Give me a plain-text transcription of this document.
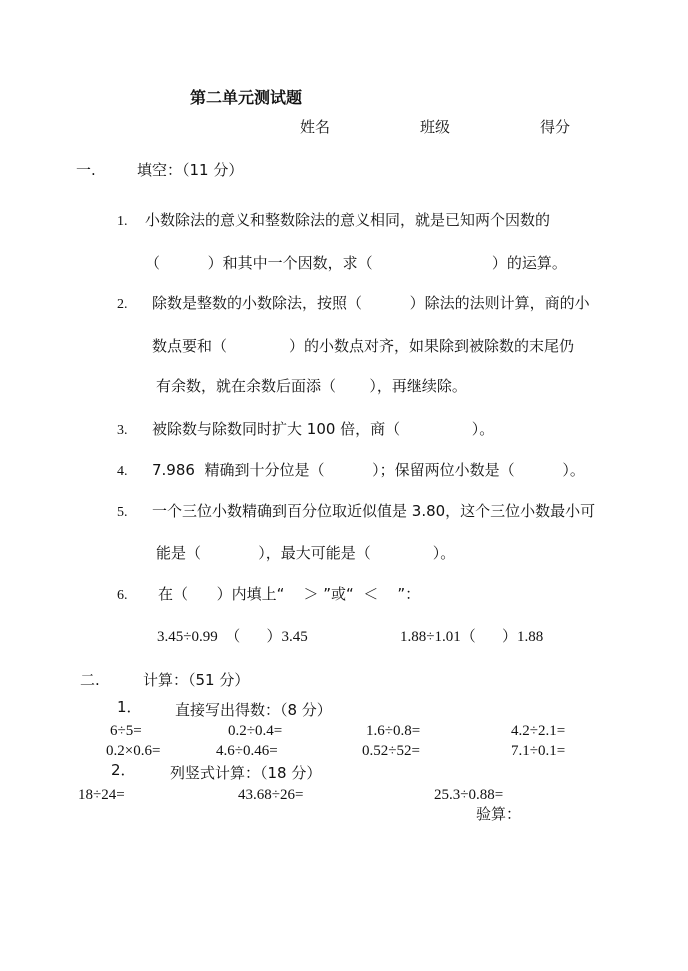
第二单元测试题
姓名	班级	得分
一.	填空：（11 分）
1. 小数除法的意义和整数除法的意义相同，就是已知两个因数的
（          ）和其中一个因数，求（                         ）的运算。
2. 除数是整数的小数除法，按照（          ）除法的法则计算，商的小
数点要和（             ）的小数点对齐，如果除到被除数的末尾仍
有余数，就在余数后面添（       ），再继续除。
3. 被除数与除数同时扩大 100 倍，商（               ）。
4. 7.986  精确到十分位是（          ）；保留两位小数是（          ）。
5. 一个三位小数精确到百分位取近似值是 3.80，这个三位小数最小可
能是（            ），最大可能是（             ）。
6. 在（      ）内填上“    ＞ ”或“  ＜    ”：
3.45÷0.99  （       ）3.45	1.88÷1.01（       ）1.88
二.	计算：（51 分）
1． 直接写出得数：（8 分）
6÷5=	0.2÷0.4=	1.6÷0.8=	4.2÷2.1=
0.2×0.6=	4.6÷0.46=	0.52÷52=	7.1÷0.1=
2． 列竖式计算：（18 分）
18÷24=	43.68÷26=	25.3÷0.88=
验算：
